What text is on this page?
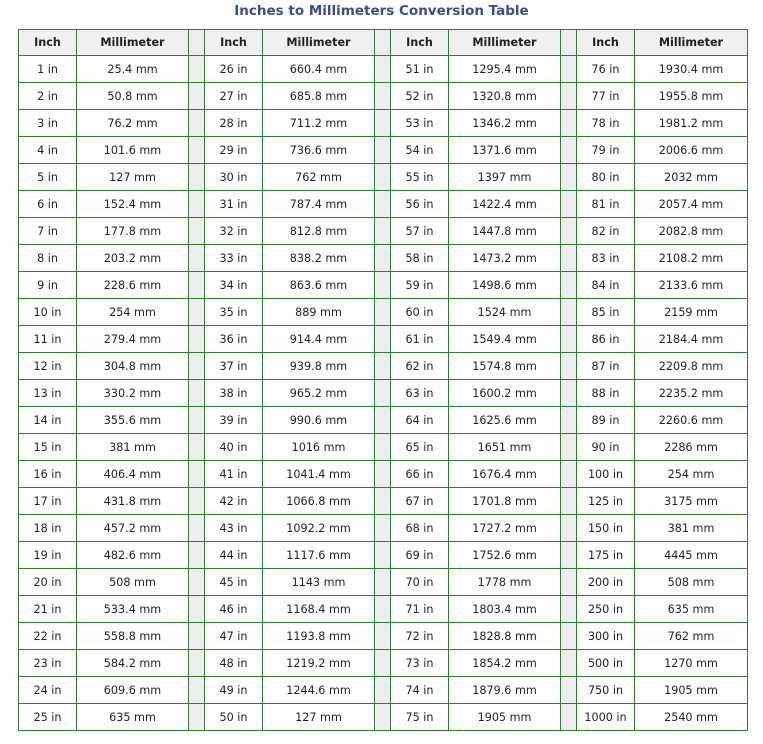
Inches to Millimeters Conversion Table
Inch	Millimeter		Inch	Millimeter		Inch	Millimeter		Inch	Millimeter
1 in	25.4 mm		26 in	660.4 mm		51 in	1295.4 mm		76 in	1930.4 mm
2 in	50.8 mm		27 in	685.8 mm		52 in	1320.8 mm		77 in	1955.8 mm
3 in	76.2 mm		28 in	711.2 mm		53 in	1346.2 mm		78 in	1981.2 mm
4 in	101.6 mm		29 in	736.6 mm		54 in	1371.6 mm		79 in	2006.6 mm
5 in	127 mm		30 in	762 mm		55 in	1397 mm		80 in	2032 mm
6 in	152.4 mm		31 in	787.4 mm		56 in	1422.4 mm		81 in	2057.4 mm
7 in	177.8 mm		32 in	812.8 mm		57 in	1447.8 mm		82 in	2082.8 mm
8 in	203.2 mm		33 in	838.2 mm		58 in	1473.2 mm		83 in	2108.2 mm
9 in	228.6 mm		34 in	863.6 mm		59 in	1498.6 mm		84 in	2133.6 mm
10 in	254 mm		35 in	889 mm		60 in	1524 mm		85 in	2159 mm
11 in	279.4 mm		36 in	914.4 mm		61 in	1549.4 mm		86 in	2184.4 mm
12 in	304.8 mm		37 in	939.8 mm		62 in	1574.8 mm		87 in	2209.8 mm
13 in	330.2 mm		38 in	965.2 mm		63 in	1600.2 mm		88 in	2235.2 mm
14 in	355.6 mm		39 in	990.6 mm		64 in	1625.6 mm		89 in	2260.6 mm
15 in	381 mm		40 in	1016 mm		65 in	1651 mm		90 in	2286 mm
16 in	406.4 mm		41 in	1041.4 mm		66 in	1676.4 mm		100 in	254 mm
17 in	431.8 mm		42 in	1066.8 mm		67 in	1701.8 mm		125 in	3175 mm
18 in	457.2 mm		43 in	1092.2 mm		68 in	1727.2 mm		150 in	381 mm
19 in	482.6 mm		44 in	1117.6 mm		69 in	1752.6 mm		175 in	4445 mm
20 in	508 mm		45 in	1143 mm		70 in	1778 mm		200 in	508 mm
21 in	533.4 mm		46 in	1168.4 mm		71 in	1803.4 mm		250 in	635 mm
22 in	558.8 mm		47 in	1193.8 mm		72 in	1828.8 mm		300 in	762 mm
23 in	584.2 mm		48 in	1219.2 mm		73 in	1854.2 mm		500 in	1270 mm
24 in	609.6 mm		49 in	1244.6 mm		74 in	1879.6 mm		750 in	1905 mm
25 in	635 mm		50 in	127 mm		75 in	1905 mm		1000 in	2540 mm
